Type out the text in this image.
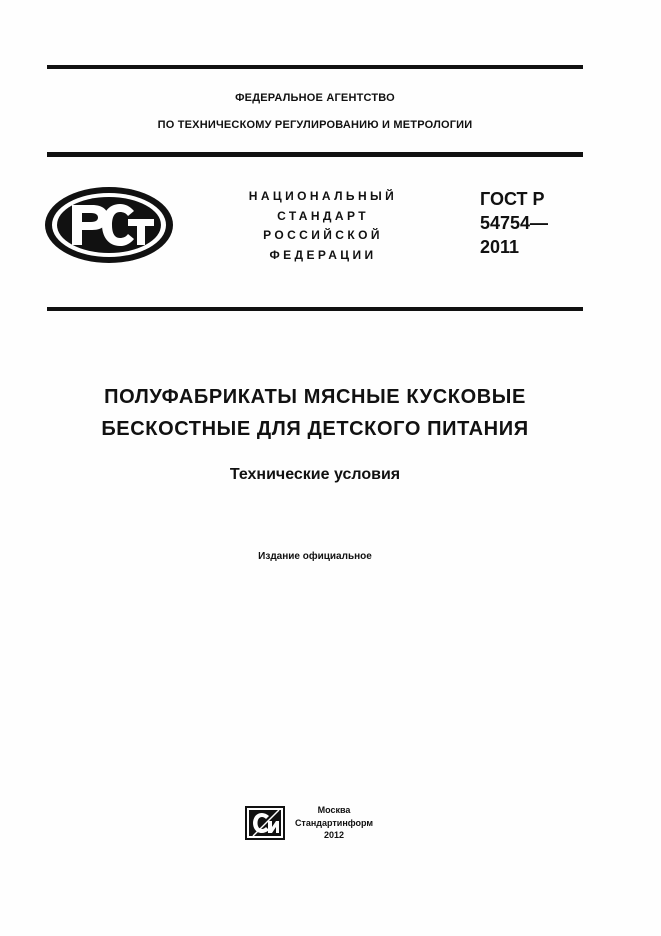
ФЕДЕРАЛЬНОЕ АГЕНТСТВО
ПО ТЕХНИЧЕСКОМУ РЕГУЛИРОВАНИЮ И МЕТРОЛОГИИ
НАЦИОНАЛЬНЫЙ
СТАНДАРТ
РОССИЙСКОЙ
ФЕДЕРАЦИИ
ГОСТ Р
54754—
2011
ПОЛУФАБРИКАТЫ МЯСНЫЕ КУСКОВЫЕ
БЕСКОСТНЫЕ ДЛЯ ДЕТСКОГО ПИТАНИЯ
Технические условия
Издание официальное
Москва
Стандартинформ
2012
